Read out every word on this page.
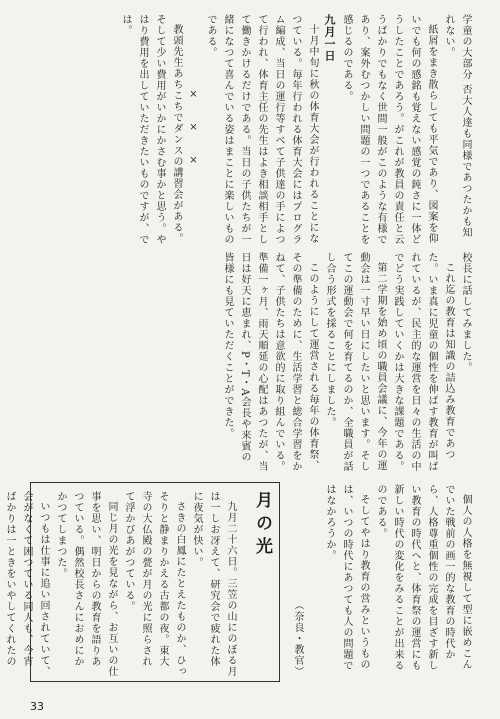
学童の大部分 否大人達も同様であつたかも知れない。

紙屑をまき散らしても平気であり、図案を仰いでも何の感銘も覚えない感覚の鈍さに一体どうしたことであろう。がこれが教員の責任と云うばかりでもなく世間一般がこのような有様であり、案外むつかしい問題の一つであることを感じるのである。

九月一日

十月中旬に秋の体育大会が行われることになつている。毎年行われる体育大会にはプログラム編成、当日の運行等すべて子供達の手によつて行われ、体育主任の先生はよき相談相手として働きかけるだけである。当日の子供たちが一緒になつて喜んでいる姿はまことに楽しいものである。

×　×　×

教頭先生あちこちでダンスの講習会がある。そして少い費用がいかにかさむ事かと思う。やはり費用を出していただきたいものですが、では。

校長に話してみました。

これ迄の教育は知識の詰込み教育であつた。いま真に児童の個性を伸ばす教育が叫ばれているが、民主的な運営を日々の生活の中でどう実践していくかは大きな課題である。

第二学期を始め頃の職員会議に、今年の運動会は一寸早い日にしたいと思います。そしてこの運動会で何を育てるのか、全職員が話し合う形式を採ることにしました。

このようにして運営される毎年の体育祭、その準備のために、生活学習と総合学習をかねて、子供たちは意欲的に取り組んでいる。準備一ヶ月、雨天順延の心配はあつたが、当日は好天に恵まれ、P・T・A会長や来賓の皆様にも見ていただくことができた。

個人の人格を無視して型に嵌めこんでいた戦前の画一的な教育の時代から、人格尊重個性の完成を目ざす新しい教育の時代へと、体育祭の運営にも新しい時代の変化をみることが出来るのである。

そしてやはり教育の営みというものは、いつの時代にあつても人の問題ではなかろうか。

（奈良・教官）
月の光

九月二十六日。三笠の山にのぼる月は一しお冴えて、研究会で疲れた体に夜気が快い。

さきの白鳳にたとえたものか、ひっそりと静まりかえる古都の夜。東大寺の大仏殿の甍が月の光に照らされて浮かびあがつている。

同じ月の光を見ながら、お互いの仕事を思い、明日からの教育を語りあつている。偶然校長さんにおめにかかつてしまつた。

いつもは仕事に追い回されていて、会がなくて困つている同人も、今宵ばかりは一ときをいやしてくれたの

33
